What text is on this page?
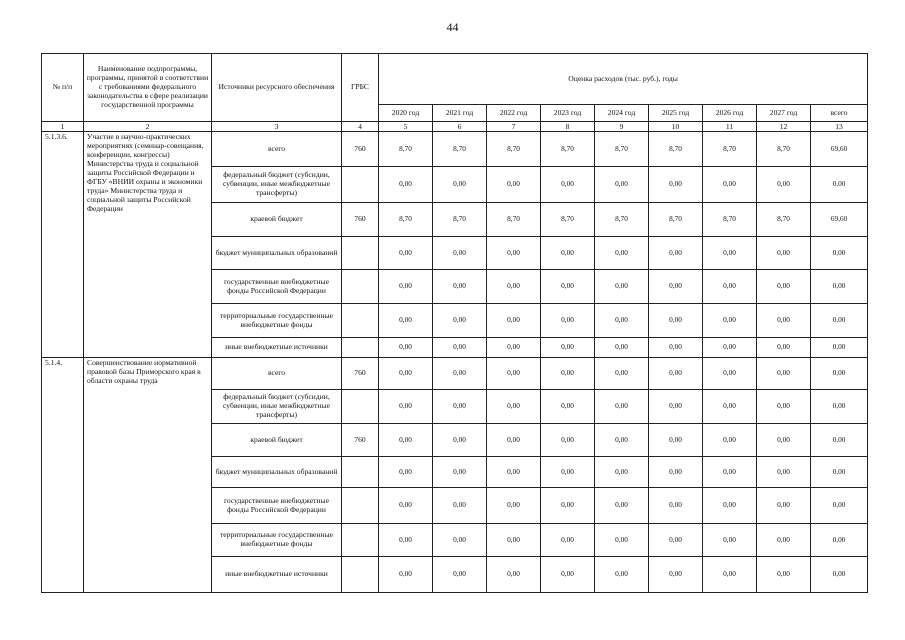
44
№ п/п	Наименование подпрограммы, программы, принятой в соответствии с требованиями федерального законодательства в сфере реализации государственной программы	Источники ресурсного обеспечения	ГРБС	Оценка расходов (тыс. руб.), годы								
				2020 год	2021 год	2022 год	2023 год	2024 год	2025 год	2026 год	2027 год	всего
1	2	3	4	5	6	7	8	9	10	11	12	13
5.1.3.6.	Участие в научно-практических мероприятиях (семинар-совещания, конференции, конгрессы) Министерства труда и социальной защиты Российской Федерации и ФГБУ «ВНИИ охраны и экономики труда» Министерства труда и социальной защиты Российской Федерации	всего	760	8,70	8,70	8,70	8,70	8,70	8,70	8,70	8,70	69,60
		федеральный бюджет (субсидии, субвенции, иные межбюджетные трансферты)		0,00	0,00	0,00	0,00	0,00	0,00	0,00	0,00	0,00
		краевой бюджет	760	8,70	8,70	8,70	8,70	8,70	8,70	8,70	8,70	69,60
		бюджет муниципальных образований		0,00	0,00	0,00	0,00	0,00	0,00	0,00	0,00	0,00
		государственные внебюджетные фонды Российской Федерации		0,00	0,00	0,00	0,00	0,00	0,00	0,00	0,00	0,00
		территориальные государственные внебюджетные фонды		0,00	0,00	0,00	0,00	0,00	0,00	0,00	0,00	0,00
		иные внебюджетные источники		0,00	0,00	0,00	0,00	0,00	0,00	0,00	0,00	0,00
5.1.4.	Совершенствование нормативной правовой базы Приморского края в области охраны труда	всего	760	0,00	0,00	0,00	0,00	0,00	0,00	0,00	0,00	0,00
		федеральный бюджет (субсидии, субвенции, иные межбюджетные трансферты)		0,00	0,00	0,00	0,00	0,00	0,00	0,00	0,00	0,00
		краевой бюджет	760	0,00	0,00	0,00	0,00	0,00	0,00	0,00	0,00	0,00
		бюджет муниципальных образований		0,00	0,00	0,00	0,00	0,00	0,00	0,00	0,00	0,00
		государственные внебюджетные фонды Российской Федерации		0,00	0,00	0,00	0,00	0,00	0,00	0,00	0,00	0,00
		территориальные государственные внебюджетные фонды		0,00	0,00	0,00	0,00	0,00	0,00	0,00	0,00	0,00
		иные внебюджетные источники		0,00	0,00	0,00	0,00	0,00	0,00	0,00	0,00	0,00
